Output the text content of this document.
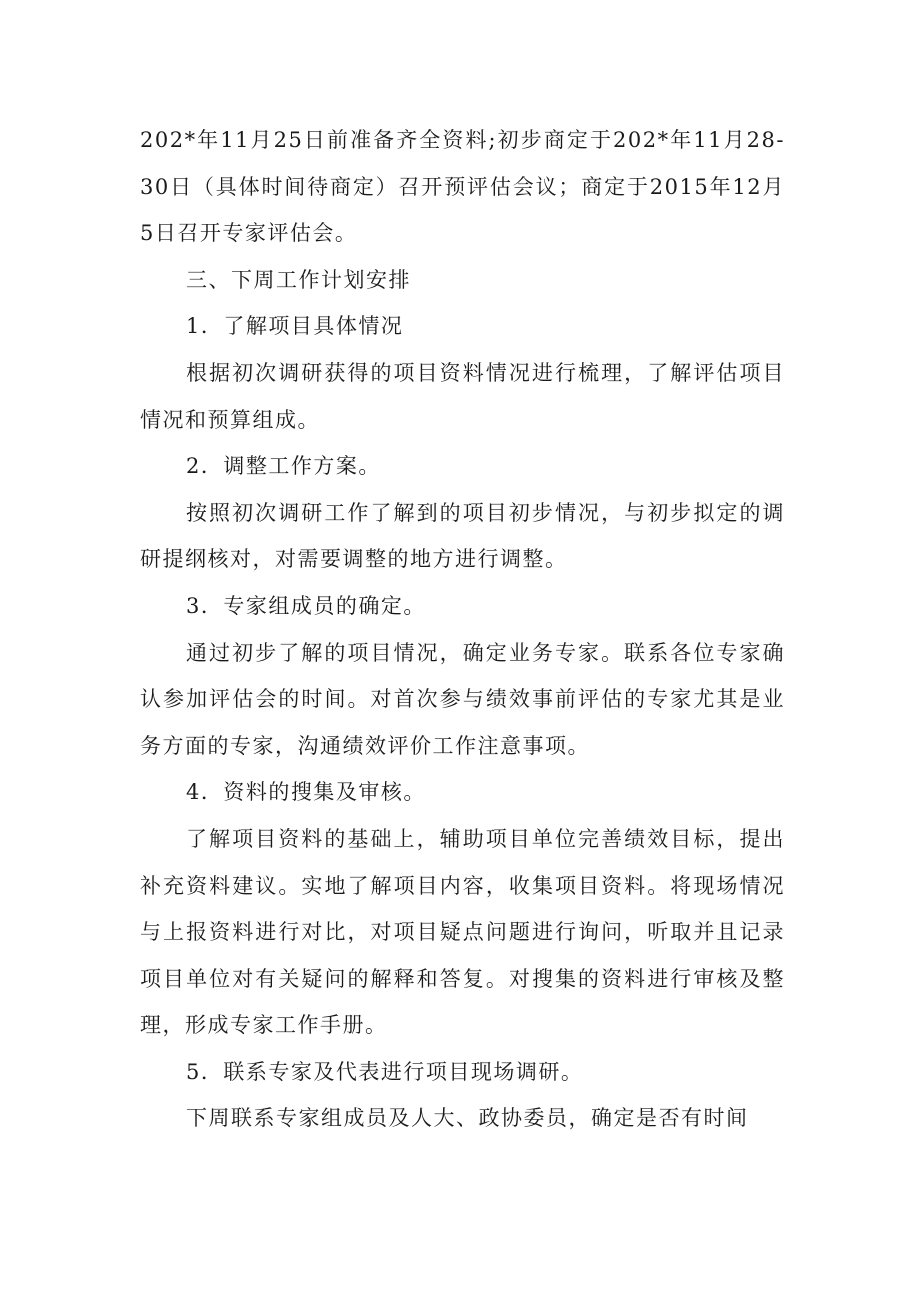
202*年11月25日前准备齐全资料;初步商定于202*年11月28-30日（具体时间待商定）召开预评估会议；商定于2015年12月5日召开专家评估会。

三、下周工作计划安排

1．了解项目具体情况

根据初次调研获得的项目资料情况进行梳理，了解评估项目情况和预算组成。

2．调整工作方案。

按照初次调研工作了解到的项目初步情况，与初步拟定的调研提纲核对，对需要调整的地方进行调整。

3．专家组成员的确定。

通过初步了解的项目情况，确定业务专家。联系各位专家确认参加评估会的时间。对首次参与绩效事前评估的专家尤其是业务方面的专家，沟通绩效评价工作注意事项。

4．资料的搜集及审核。

了解项目资料的基础上，辅助项目单位完善绩效目标，提出补充资料建议。实地了解项目内容，收集项目资料。将现场情况与上报资料进行对比，对项目疑点问题进行询问，听取并且记录项目单位对有关疑问的解释和答复。对搜集的资料进行审核及整理，形成专家工作手册。

5．联系专家及代表进行项目现场调研。

下周联系专家组成员及人大、政协委员，确定是否有时间
